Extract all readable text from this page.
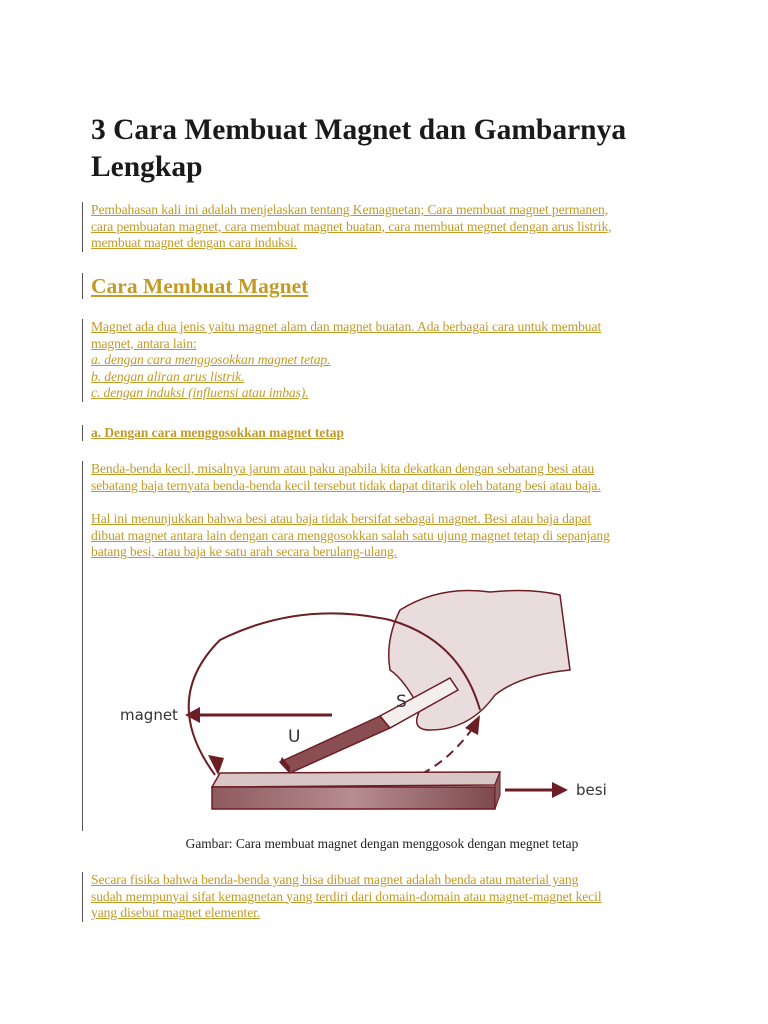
3 Cara Membuat Magnet dan Gambarnya
Lengkap
Pembahasan kali ini adalah menjelaskan tentang Kemagnetan; Cara membuat magnet permanen,
cara pembuatan magnet, cara membuat magnet buatan, cara membuat megnet dengan arus listrik,
membuat magnet dengan cara induksi.
Cara Membuat Magnet
Magnet ada dua jenis yaitu magnet alam dan magnet buatan. Ada berbagai cara untuk membuat
magnet, antara lain:
a. dengan cara menggosokkan magnet tetap.
b. dengan aliran arus listrik.
c. dengan induksi (influensi atau imbas).
a. Dengan cara menggosokkan magnet tetap
Benda-benda kecil, misalnya jarum atau paku apabila kita dekatkan dengan sebatang besi atau
sebatang baja ternyata benda-benda kecil tersebut tidak dapat ditarik oleh batang besi atau baja.
Hal ini menunjukkan bahwa besi atau baja tidak bersifat sebagai magnet. Besi atau baja dapat
dibuat magnet antara lain dengan cara menggosokkan salah satu ujung magnet tetap di sepanjang
batang besi, atau baja ke satu arah secara berulang-ulang.
magnet
U
S
besi
Gambar: Cara membuat magnet dengan menggosok dengan megnet tetap
Secara fisika bahwa benda-benda yang bisa dibuat magnet adalah benda atau material yang
sudah mempunyai sifat kemagnetan yang terdiri dari domain-domain atau magnet-magnet kecil
yang disebut magnet elementer.
